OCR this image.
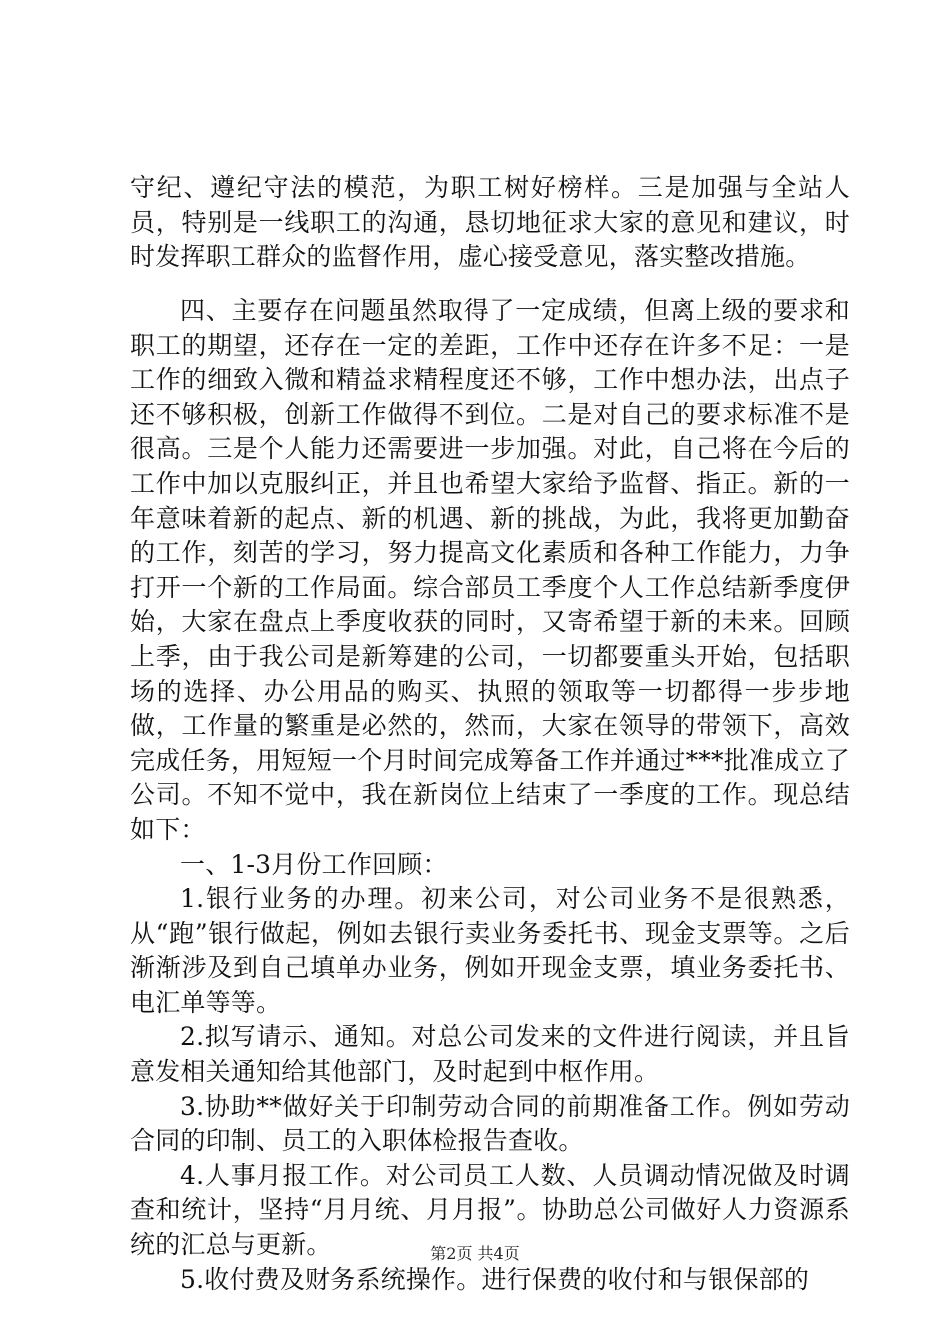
守纪、遵纪守法的模范，为职工树好榜样。三是加强与全站人员，特别是一线职工的沟通，恳切地征求大家的意见和建议，时时发挥职工群众的监督作用，虚心接受意见，落实整改措施。

四、主要存在问题虽然取得了一定成绩，但离上级的要求和职工的期望，还存在一定的差距，工作中还存在许多不足：一是工作的细致入微和精益求精程度还不够，工作中想办法，出点子还不够积极，创新工作做得不到位。二是对自己的要求标准不是很高。三是个人能力还需要进一步加强。对此，自己将在今后的工作中加以克服纠正，并且也希望大家给予监督、指正。新的一年意味着新的起点、新的机遇、新的挑战，为此，我将更加勤奋的工作，刻苦的学习，努力提高文化素质和各种工作能力，力争打开一个新的工作局面。综合部员工季度个人工作总结新季度伊始，大家在盘点上季度收获的同时，又寄希望于新的未来。回顾上季，由于我公司是新筹建的公司，一切都要重头开始，包括职场的选择、办公用品的购买、执照的领取等一切都得一步步地做，工作量的繁重是必然的，然而，大家在领导的带领下，高效完成任务，用短短一个月时间完成筹备工作并通过***批准成立了公司。不知不觉中，我在新岗位上结束了一季度的工作。现总结如下：

一、1-3月份工作回顾：

1.银行业务的办理。初来公司，对公司业务不是很熟悉，从“跑”银行做起，例如去银行卖业务委托书、现金支票等。之后渐渐涉及到自己填单办业务，例如开现金支票，填业务委托书、电汇单等等。

2.拟写请示、通知。对总公司发来的文件进行阅读，并且旨意发相关通知给其他部门，及时起到中枢作用。

3.协助**做好关于印制劳动合同的前期准备工作。例如劳动合同的印制、员工的入职体检报告查收。

4.人事月报工作。对公司员工人数、人员调动情况做及时调查和统计，坚持“月月统、月月报”。协助总公司做好人力资源系统的汇总与更新。

5.收付费及财务系统操作。进行保费的收付和与银保部的

第2页 共4页
